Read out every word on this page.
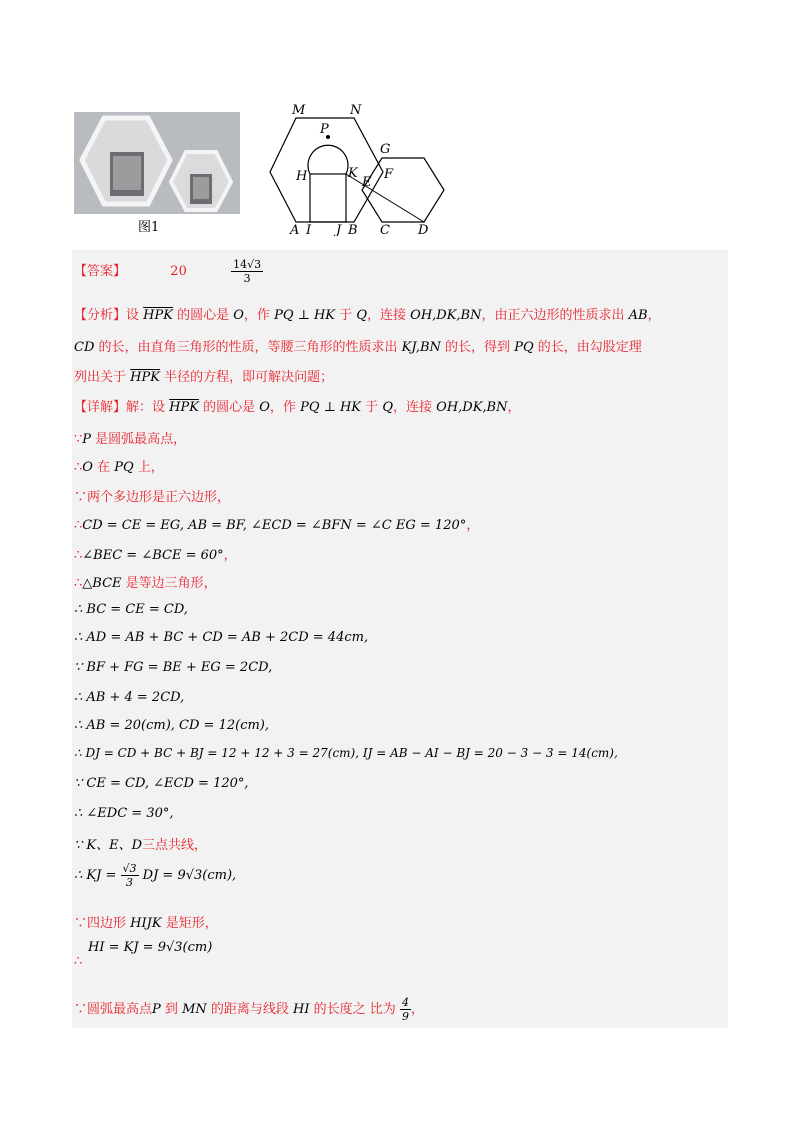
图1
M	N
P
G
H	K
E
F
A I J B C D
【答案】	20	$\frac{14√3}{3}$
【分析】设 $\overline{HPK}$ 的圆心是 O，作 PQ ⊥ HK 于 Q，连接 OH,DK,BN，由正六边形的性质求出 AB，
CD 的长，由直角三角形的性质，等腰三角形的性质求出 KJ,BN 的长，得到 PQ 的长，由勾股定理
列出关于 $\overline{HPK}$ 半径的方程，即可解决问题；
【详解】解：设 $\overline{HPK}$ 的圆心是 O，作 PQ ⊥ HK 于 Q，连接 OH,DK,BN，
∵P 是圆弧最高点，
∴O 在 PQ 上，
∵两个多边形是正六边形，
∴CD = CE = EG, AB = BF, ∠ECD = ∠BFN = ∠C EG = 120°，
∴∠BEC = ∠BCE = 60°，
∴△BCE 是等边三角形，
∴ BC = CE = CD,
∴ AD = AB + BC + CD = AB + 2CD = 44cm,
∵ BF + FG = BE + EG = 2CD,
∴ AB + 4 = 2CD,
∴ AB = 20(cm), CD = 12(cm),
∴ DJ = CD + BC + BJ = 12 + 12 + 3 = 27(cm), IJ = AB − AI − BJ = 20 − 3 − 3 = 14(cm),
∵ CE = CD, ∠ECD = 120°,
∴ ∠EDC = 30°,
∵ K、E、D三点共线，
∴ KJ = $\frac{√3}{3}$ DJ = 9√3(cm),
∵四边形 HIJK 是矩形，
HI = KJ = 9√3(cm)
∴
∵圆弧最高点P 到 MN 的距离与线段 HI 的长度之 比为 $\frac{4}{9}$ ，
